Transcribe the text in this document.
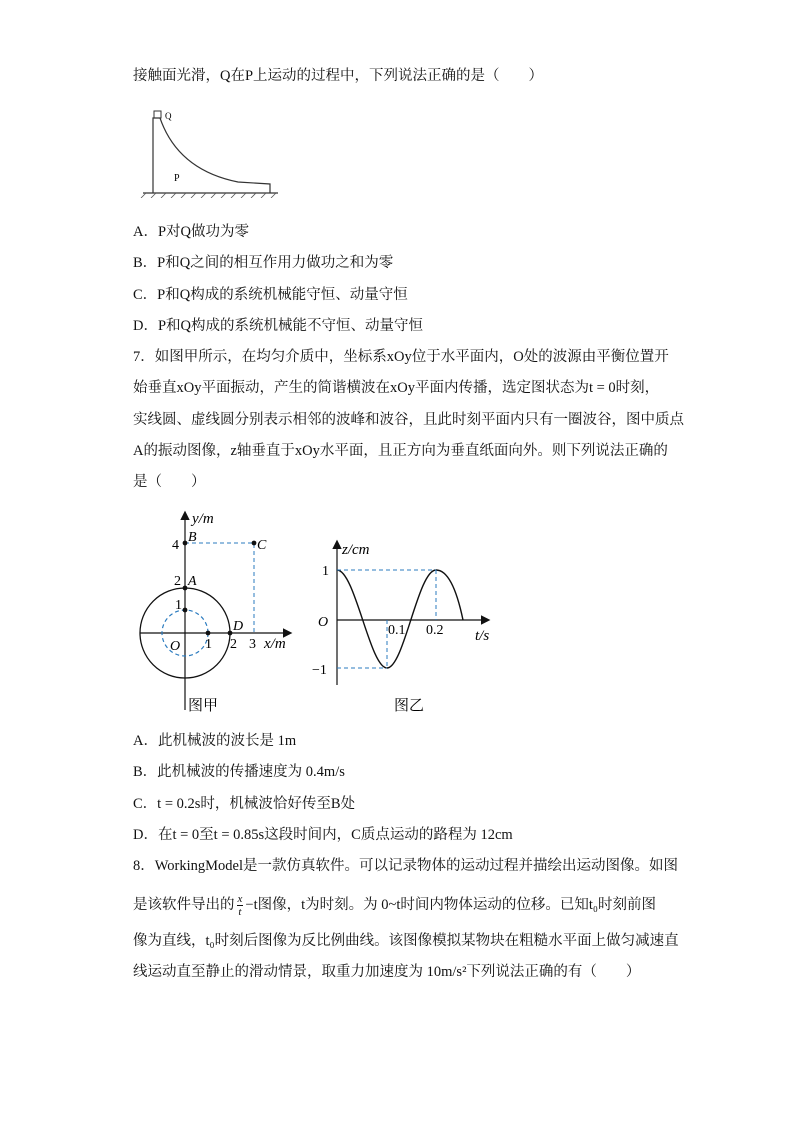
接触面光滑，Q在P上运动的过程中，下列说法正确的是（　　）
Q
P
A．P对Q做功为零
B．P和Q之间的相互作用力做功之和为零
C．P和Q构成的系统机械能守恒、动量守恒
D．P和Q构成的系统机械能不守恒、动量守恒
7．如图甲所示，在均匀介质中，坐标系xOy位于水平面内，O处的波源由平衡位置开
始垂直xOy平面振动，产生的简谐横波在xOy平面内传播，选定图状态为t = 0时刻，
实线圆、虚线圆分别表示相邻的波峰和波谷，且此时刻平面内只有一圈波谷，图中质点
A的振动图像，z轴垂直于xOy水平面，且正方向为垂直纸面向外。则下列说法正确的
是（　　）
y/m
x/m
4
2
1
B
C
A
D
O 1 2 3
图甲
z/cm
t/s
1
−1
O
0.1 0.2
图乙
A．此机械波的波长是 1m
B．此机械波的传播速度为 0.4m/s
C．t = 0.2s时，机械波恰好传至B处
D．在t = 0至t = 0.85s这段时间内，C质点运动的路程为 12cm
8．WorkingModel是一款仿真软件。可以记录物体的运动过程并描绘出运动图像。如图
是该软件导出的 $\frac{x}{t} -t$图像，t为时刻。为 0~t时间内物体运动的位移。已知t₀时刻前图
像为直线，t₀时刻后图像为反比例曲线。该图像模拟某物块在粗糙水平面上做匀减速直
线运动直至静止的滑动情景，取重力加速度为 10m/s²下列说法正确的有（　　）
